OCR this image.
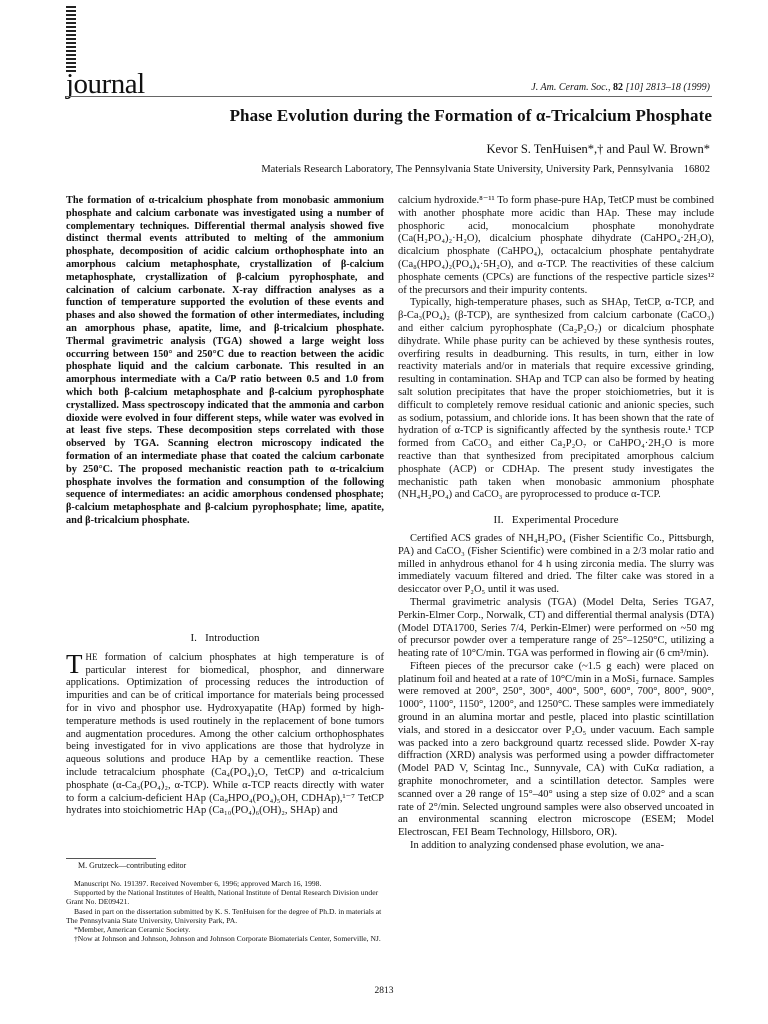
journal	J. Am. Ceram. Soc., 82 [10] 2813–18 (1999)
Phase Evolution during the Formation of α-Tricalcium Phosphate
Kevor S. TenHuisen*,† and Paul W. Brown*
Materials Research Laboratory, The Pennsylvania State University, University Park, Pennsylvania    16802
The formation of α-tricalcium phosphate from monobasic ammonium phosphate and calcium carbonate was investigated using a number of complementary techniques. Differential thermal analysis showed five distinct thermal events attributed to melting of the ammonium phosphate, decomposition of acidic calcium orthophosphate into an amorphous calcium metaphosphate, crystallization of β-calcium metaphosphate, crystallization of β-calcium pyrophosphate, and calcination of calcium carbonate. X-ray diffraction analyses as a function of temperature supported the evolution of these events and phases and also showed the formation of other intermediates, including an amorphous phase, apatite, lime, and β-tricalcium phosphate. Thermal gravimetric analysis (TGA) showed a large weight loss occurring between 150° and 250°C due to reaction between the acidic phosphate liquid and the calcium carbonate. This resulted in an amorphous intermediate with a Ca/P ratio between 0.5 and 1.0 from which both β-calcium metaphosphate and β-calcium pyrophosphate crystallized. Mass spectroscopy indicated that the ammonia and carbon dioxide were evolved in four different steps, while water was evolved in at least five steps. These decomposition steps correlated with those observed by TGA. Scanning electron microscopy indicated the formation of an intermediate phase that coated the calcium carbonate by 250°C. The proposed mechanistic reaction path to α-tricalcium phosphate involves the formation and consumption of the following sequence of intermediates: an acidic amorphous condensed phosphate; β-calcium metaphosphate and β-calcium pyrophosphate; lime, apatite, and β-tricalcium phosphate.

I.   Introduction

THE formation of calcium phosphates at high temperature is of particular interest for biomedical, phosphor, and dinnerware applications. Optimization of processing reduces the introduction of impurities and can be of critical importance for materials being processed for in vivo and phosphor use. Hydroxyapatite (HAp) formed by high-temperature methods is used routinely in the replacement of bone tumors and augmentation procedures. Among the other calcium orthophosphates being investigated for in vivo applications are those that hydrolyze in aqueous solutions and produce HAp by a cementlike reaction. These include tetracalcium phosphate (Ca₄(PO₄)₂O, TetCP) and α-tricalcium phosphate (α-Ca₃(PO₄)₂, α-TCP). While α-TCP reacts directly with water to form a calcium-deficient HAp (Ca₉HPO₄(PO₄)₅OH, CDHAp),¹⁻⁷ TetCP hydrates into stoichiometric HAp (Ca₁₀(PO₄)₆(OH)₂, SHAp) and

calcium hydroxide.⁸⁻¹¹ To form phase-pure HAp, TetCP must be combined with another phosphate more acidic than HAp. These may include phosphoric acid, monocalcium phosphate monohydrate (Ca(H₂PO₄)₂·H₂O), dicalcium phosphate dihydrate (CaHPO₄·2H₂O), dicalcium phosphate (CaHPO₄), octacalcium phosphate pentahydrate (Ca₈(HPO₄)₂(PO₄)₄·5H₂O), and α-TCP. The reactivities of these calcium phosphate cements (CPCs) are functions of the respective particle sizes¹² of the precursors and their impurity contents.

Typically, high-temperature phases, such as SHAp, TetCP, α-TCP, and β-Ca₃(PO₄)₂ (β-TCP), are synthesized from calcium carbonate (CaCO₃) and either calcium pyrophosphate (Ca₂P₂O₇) or dicalcium phosphate dihydrate. While phase purity can be achieved by these synthesis routes, overfiring results in deadburning. This results, in turn, either in low reactivity materials and/or in materials that require excessive grinding, resulting in contamination. SHAp and TCP can also be formed by heating salt solution precipitates that have the proper stoichiometries, but it is difficult to completely remove residual cationic and anionic species, such as sodium, potassium, and chloride ions. It has been shown that the rate of hydration of α-TCP is significantly affected by the synthesis route.¹ TCP formed from CaCO₃ and either Ca₂P₂O₇ or CaHPO₄·2H₂O is more reactive than that synthesized from precipitated amorphous calcium phosphate (ACP) or CDHAp. The present study investigates the mechanistic path taken when monobasic ammonium phosphate (NH₄H₂PO₄) and CaCO₃ are pyroprocessed to produce α-TCP.

II.   Experimental Procedure

Certified ACS grades of NH₄H₂PO₄ (Fisher Scientific Co., Pittsburgh, PA) and CaCO₃ (Fisher Scientific) were combined in a 2/3 molar ratio and milled in anhydrous ethanol for 4 h using zirconia media. The slurry was immediately vacuum filtered and dried. The filter cake was stored in a desiccator over P₂O₅ until it was used.

Thermal gravimetric analysis (TGA) (Model Delta, Series TGA7, Perkin-Elmer Corp., Norwalk, CT) and differential thermal analysis (DTA) (Model DTA1700, Series 7/4, Perkin-Elmer) were performed on ~50 mg of precursor powder over a temperature range of 25°–1250°C, utilizing a heating rate of 10°C/min. TGA was performed in flowing air (6 cm³/min).

Fifteen pieces of the precursor cake (~1.5 g each) were placed on platinum foil and heated at a rate of 10°C/min in a MoSi₂ furnace. Samples were removed at 200°, 250°, 300°, 400°, 500°, 600°, 700°, 800°, 900°, 1000°, 1100°, 1150°, 1200°, and 1250°C. These samples were immediately ground in an alumina mortar and pestle, placed into plastic scintillation vials, and stored in a desiccator over P₂O₅ under vacuum. Each sample was packed into a zero background quartz recessed slide. Powder X-ray diffraction (XRD) analysis was performed using a powder diffractometer (Model PAD V, Scintag Inc., Sunnyvale, CA) with CuKα radiation, a graphite monochrometer, and a scintillation detector. Samples were scanned over a 2θ range of 15°–40° using a step size of 0.02° and a scan rate of 2°/min. Selected unground samples were also observed uncoated in an environmental scanning electron microscope (ESEM; Model Electroscan, FEI Beam Technology, Hillsboro, OR).

In addition to analyzing condensed phase evolution, we ana-

M. Grutzeck—contributing editor

Manuscript No. 191397. Received November 6, 1996; approved March 16, 1998.

Supported by the National Institutes of Health, National Institute of Dental Research Division under Grant No. DE09421.

Based in part on the dissertation submitted by K. S. TenHuisen for the degree of Ph.D. in materials at The Pennsylvania State University, University Park, PA.

*Member, American Ceramic Society.

†Now at Johnson and Johnson, Johnson and Johnson Corporate Biomaterials Center, Somerville, NJ.

2813
